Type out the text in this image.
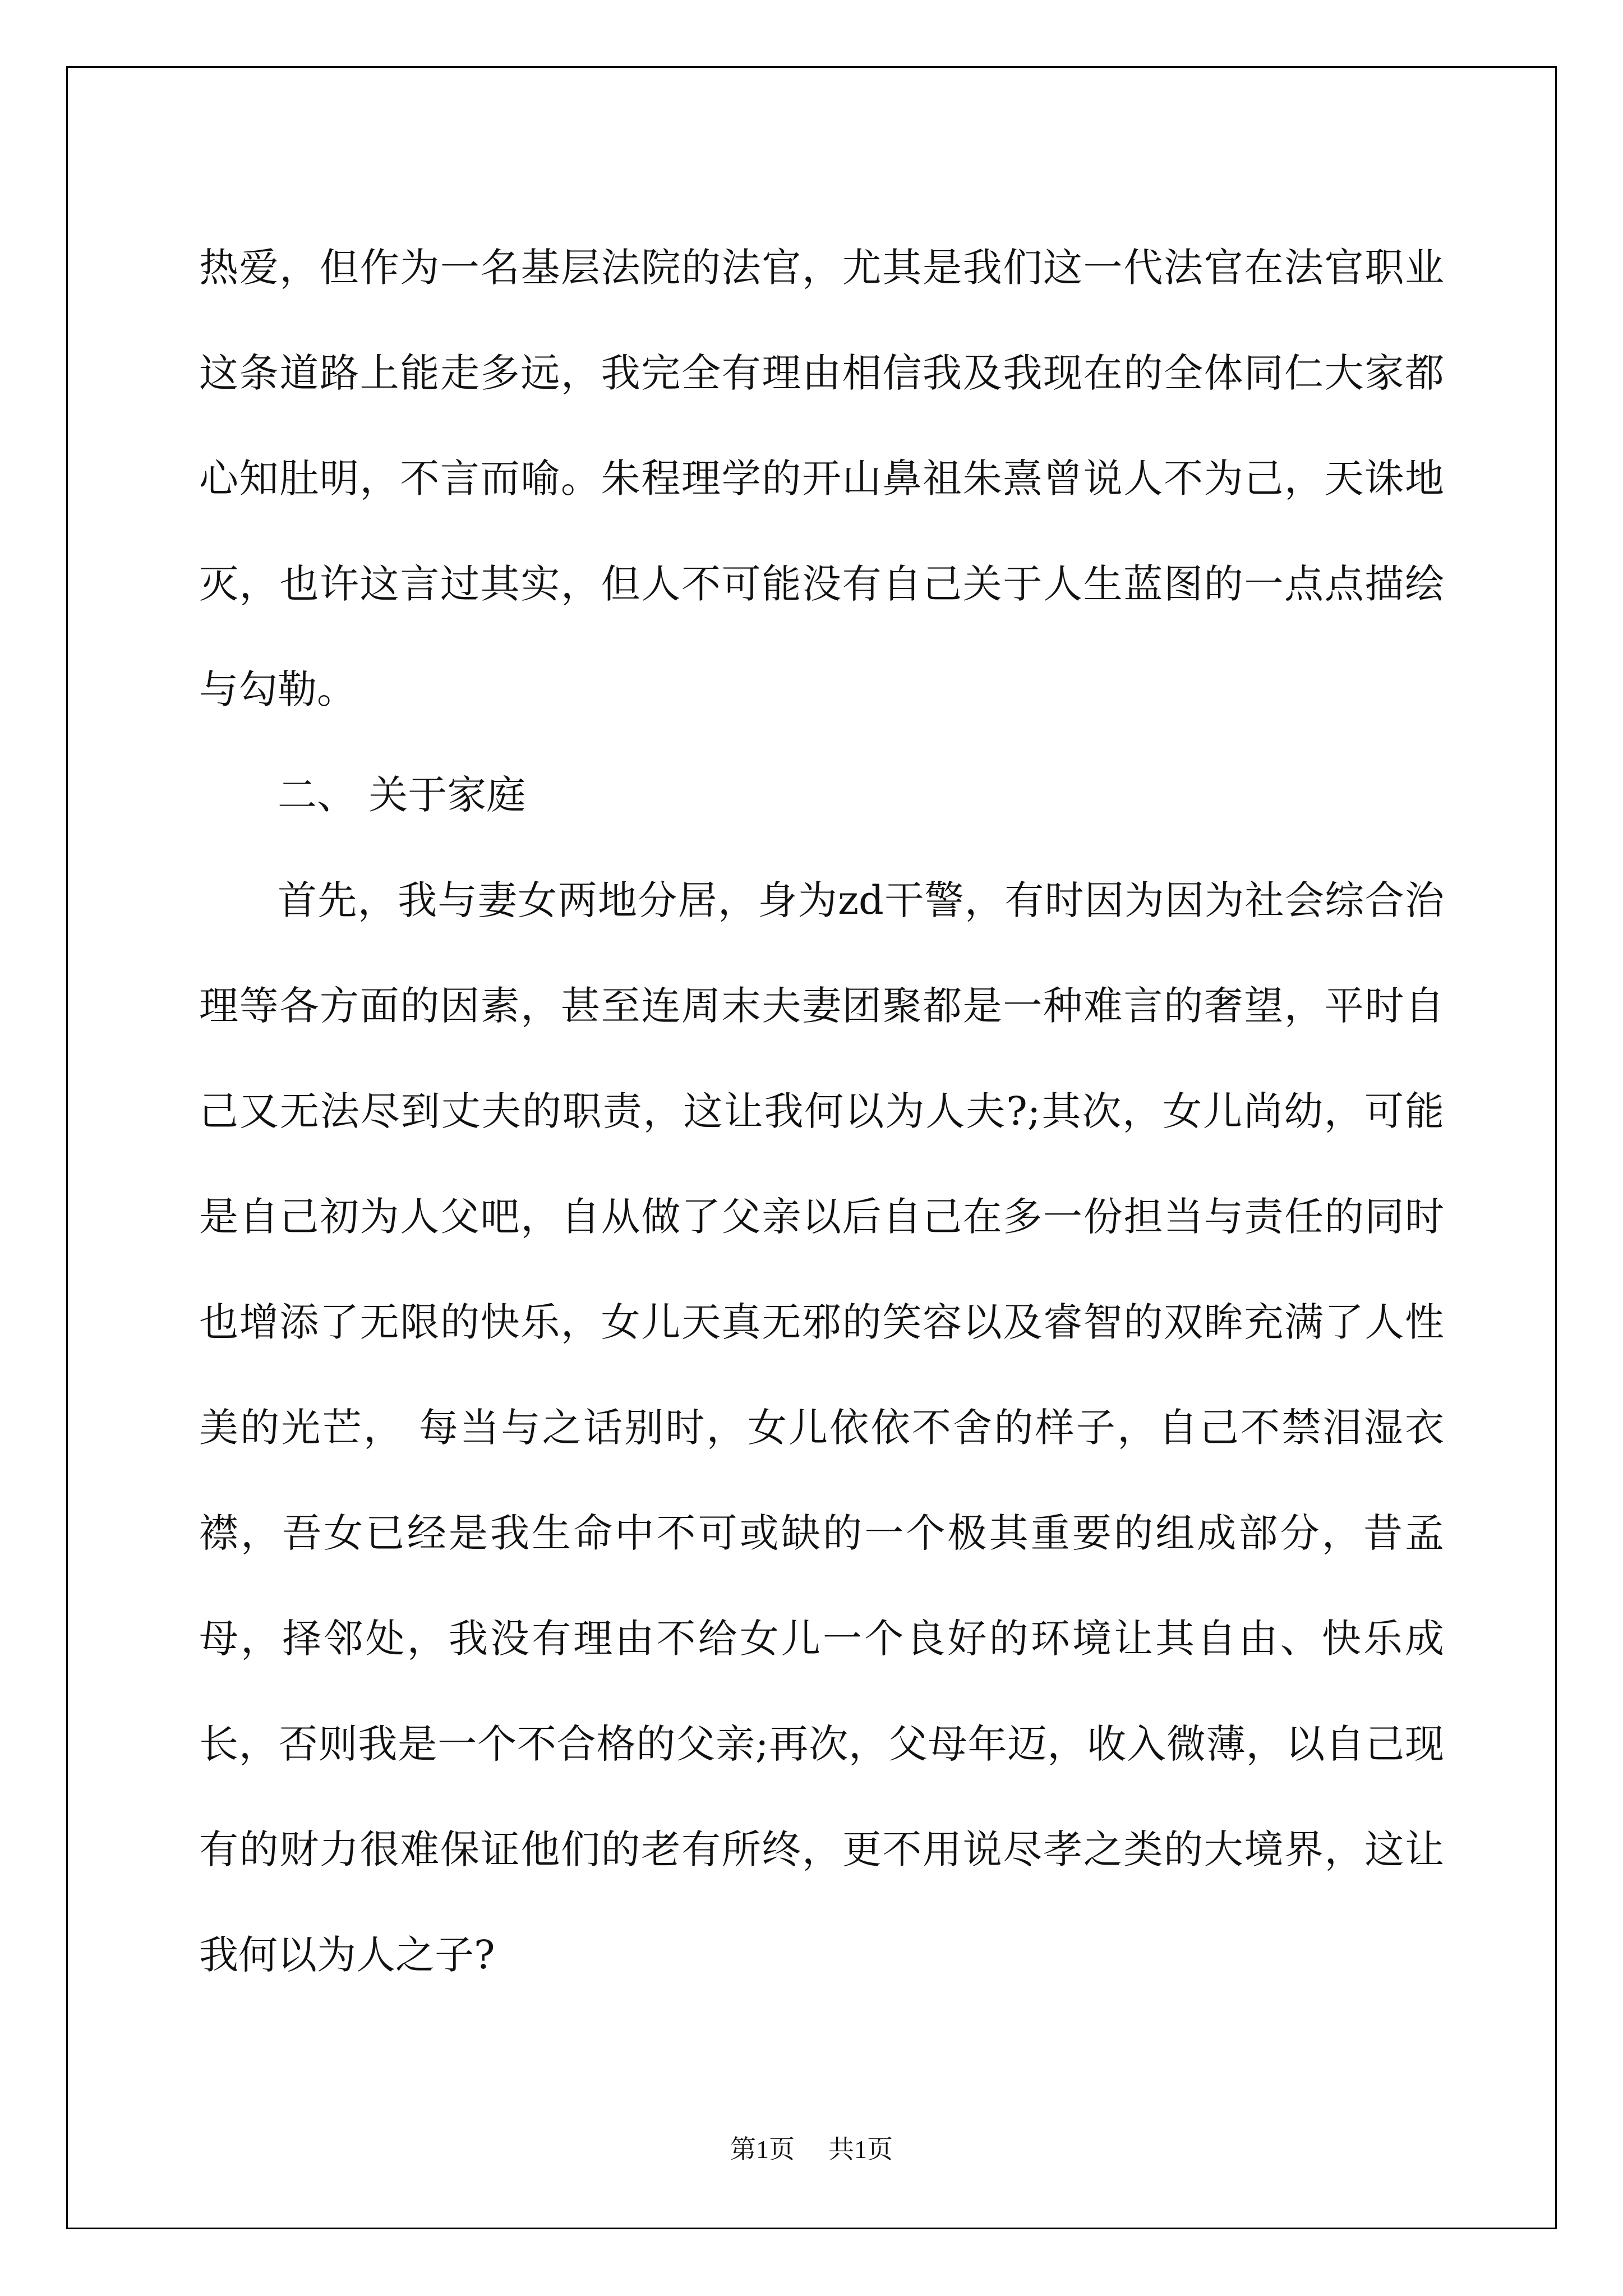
热爱，但作为一名基层法院的法官，尤其是我们这一代法官在法官职业这条道路上能走多远，我完全有理由相信我及我现在的全体同仁大家都心知肚明，不言而喻。朱程理学的开山鼻祖朱熹曾说人不为己，天诛地灭，也许这言过其实，但人不可能没有自己关于人生蓝图的一点点描绘与勾勒。

二、 关于家庭

首先，我与妻女两地分居，身为zd干警，有时因为因为社会综合治理等各方面的因素，甚至连周末夫妻团聚都是一种难言的奢望，平时自己又无法尽到丈夫的职责，这让我何以为人夫?;其次，女儿尚幼，可能是自己初为人父吧，自从做了父亲以后自己在多一份担当与责任的同时也增添了无限的快乐，女儿天真无邪的笑容以及睿智的双眸充满了人性美的光芒， 每当与之话别时，女儿依依不舍的样子，自己不禁泪湿衣襟，吾女已经是我生命中不可或缺的一个极其重要的组成部分，昔孟母，择邻处，我没有理由不给女儿一个良好的环境让其自由、快乐成长，否则我是一个不合格的父亲;再次，父母年迈，收入微薄，以自己现有的财力很难保证他们的老有所终，更不用说尽孝之类的大境界，这让我何以为人之子?

第1页 共1页
